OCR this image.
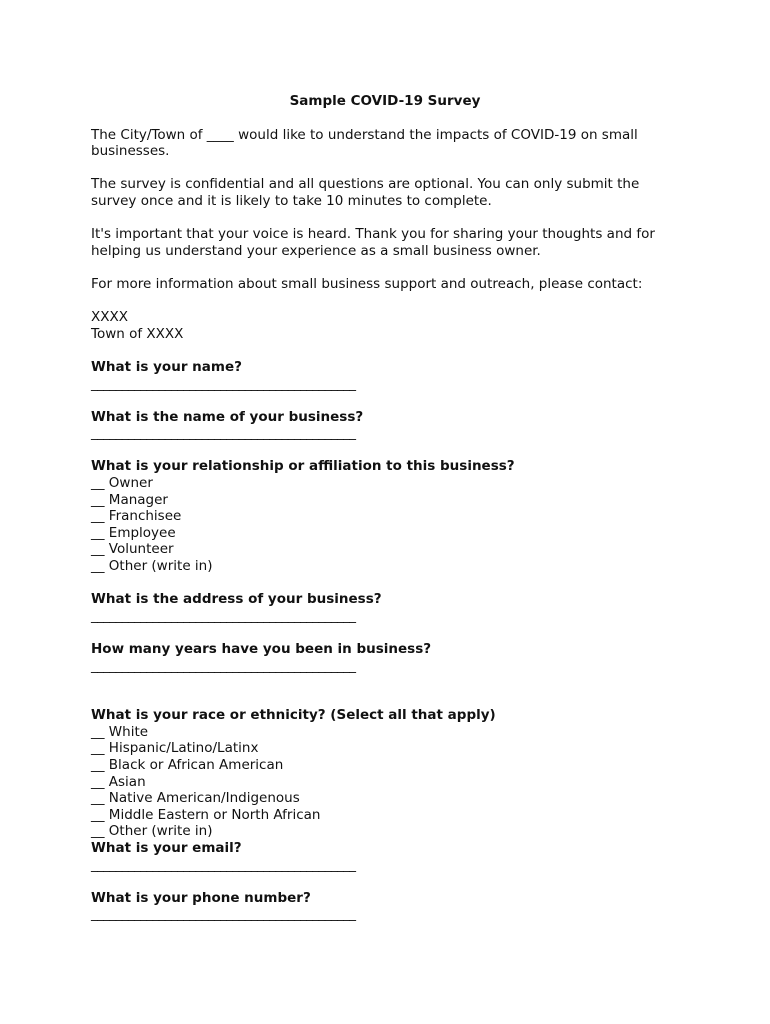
Sample COVID-19 Survey
The City/Town of ____ would like to understand the impacts of COVID-19 on small
businesses.
The survey is confidential and all questions are optional. You can only submit the
survey once and it is likely to take 10 minutes to complete.
It's important that your voice is heard. Thank you for sharing your thoughts and for
helping us understand your experience as a small business owner.
For more information about small business support and outreach, please contact:
XXXX
Town of XXXX
What is your name?
___________________________________________
What is the name of your business?
___________________________________________
What is your relationship or affiliation to this business?
__ Owner
__ Manager
__ Franchisee
__ Employee
__ Volunteer
__ Other (write in)
What is the address of your business?
___________________________________________
How many years have you been in business?
___________________________________________
What is your race or ethnicity? (Select all that apply)
__ White
__ Hispanic/Latino/Latinx
__ Black or African American
__ Asian
__ Native American/Indigenous
__ Middle Eastern or North African
__ Other (write in)
What is your email?
___________________________________________
What is your phone number?
___________________________________________
